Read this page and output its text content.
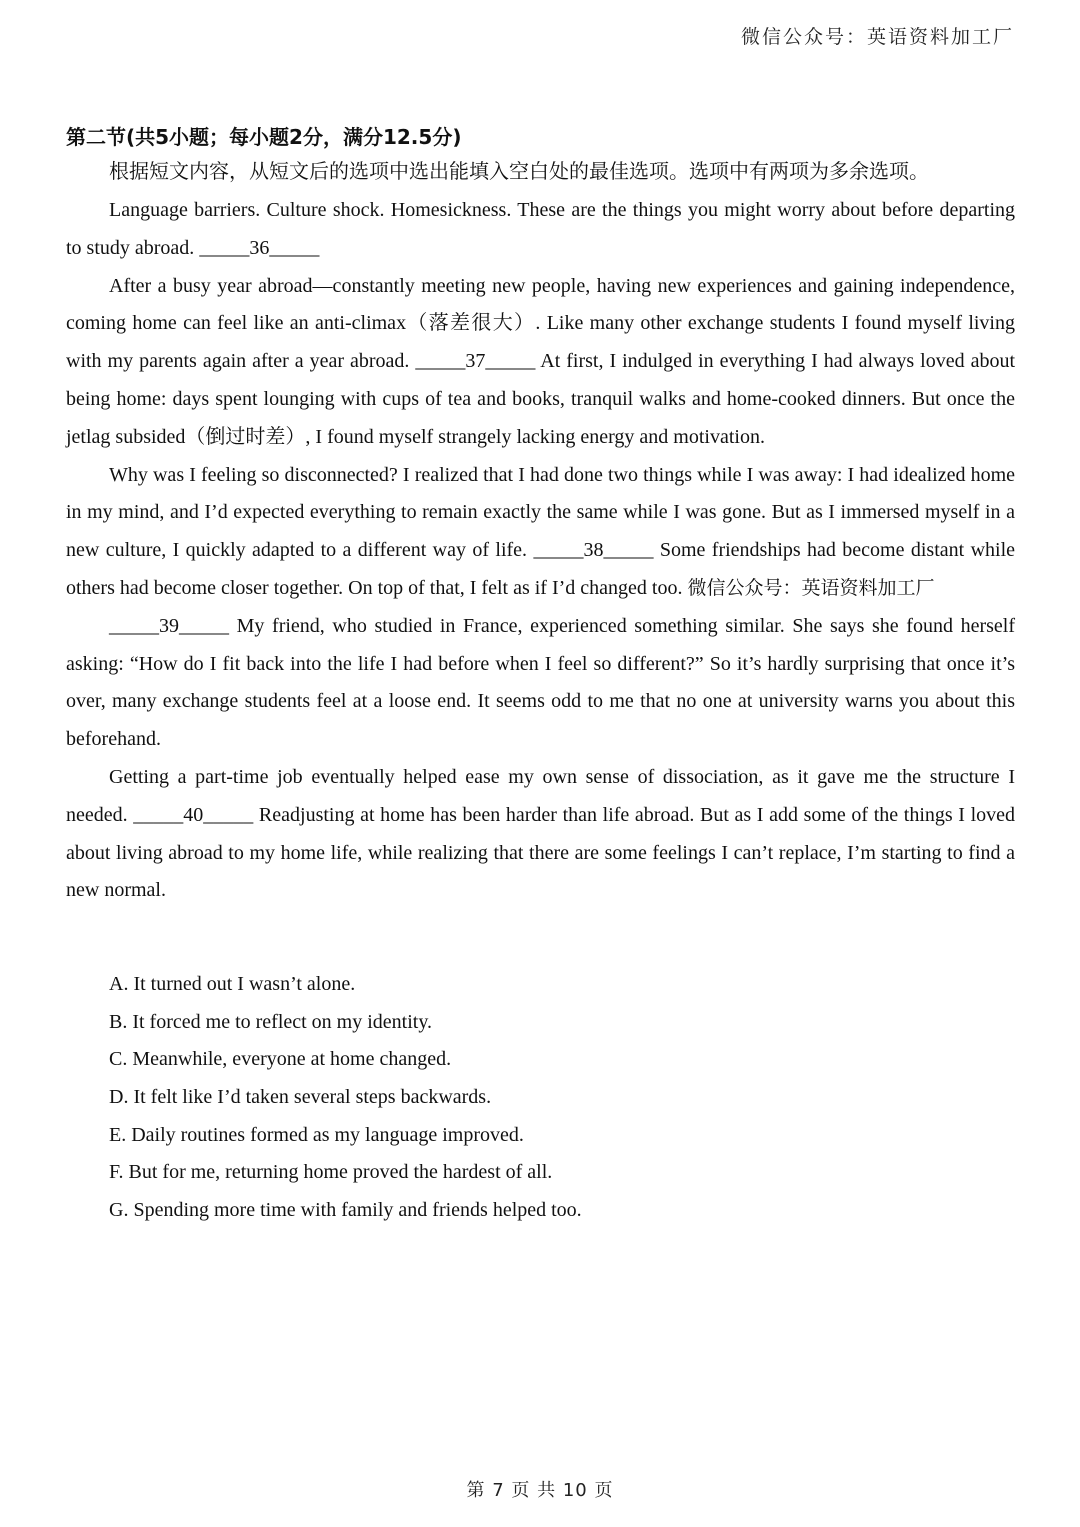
微信公众号：英语资料加工厂
第二节(共5小题；每小题2分，满分12.5分)
根据短文内容，从短文后的选项中选出能填入空白处的最佳选项。选项中有两项为多余选项。

Language barriers. Culture shock. Homesickness. These are the things you might worry about before departing to study abroad. _____36_____

After a busy year abroad—constantly meeting new people, having new experiences and gaining independence, coming home can feel like an anti-climax（落差很大）. Like many other exchange students I found myself living with my parents again after a year abroad. _____37_____ At first, I indulged in everything I had always loved about being home: days spent lounging with cups of tea and books, tranquil walks and home-cooked dinners. But once the jetlag subsided（倒过时差）, I found myself strangely lacking energy and motivation.

Why was I feeling so disconnected? I realized that I had done two things while I was away: I had idealized home in my mind, and I’d expected everything to remain exactly the same while I was gone. But as I immersed myself in a new culture, I quickly adapted to a different way of life. _____38_____ Some friendships had become distant while others had become closer together. On top of that, I felt as if I’d changed too. 微信公众号：英语资料加工厂

_____39_____ My friend, who studied in France, experienced something similar. She says she found herself asking: “How do I fit back into the life I had before when I feel so different?” So it’s hardly surprising that once it’s over, many exchange students feel at a loose end. It seems odd to me that no one at university warns you about this beforehand.

Getting a part-time job eventually helped ease my own sense of dissociation, as it gave me the structure I needed. _____40_____ Readjusting at home has been harder than life abroad. But as I add some of the things I loved about living abroad to my home life, while realizing that there are some feelings I can’t replace, I’m starting to find a new normal.

A. It turned out I wasn’t alone.

B. It forced me to reflect on my identity.

C. Meanwhile, everyone at home changed.

D. It felt like I’d taken several steps backwards.

E. Daily routines formed as my language improved.

F. But for me, returning home proved the hardest of all.

G. Spending more time with family and friends helped too.

第 7 页 共 10 页
